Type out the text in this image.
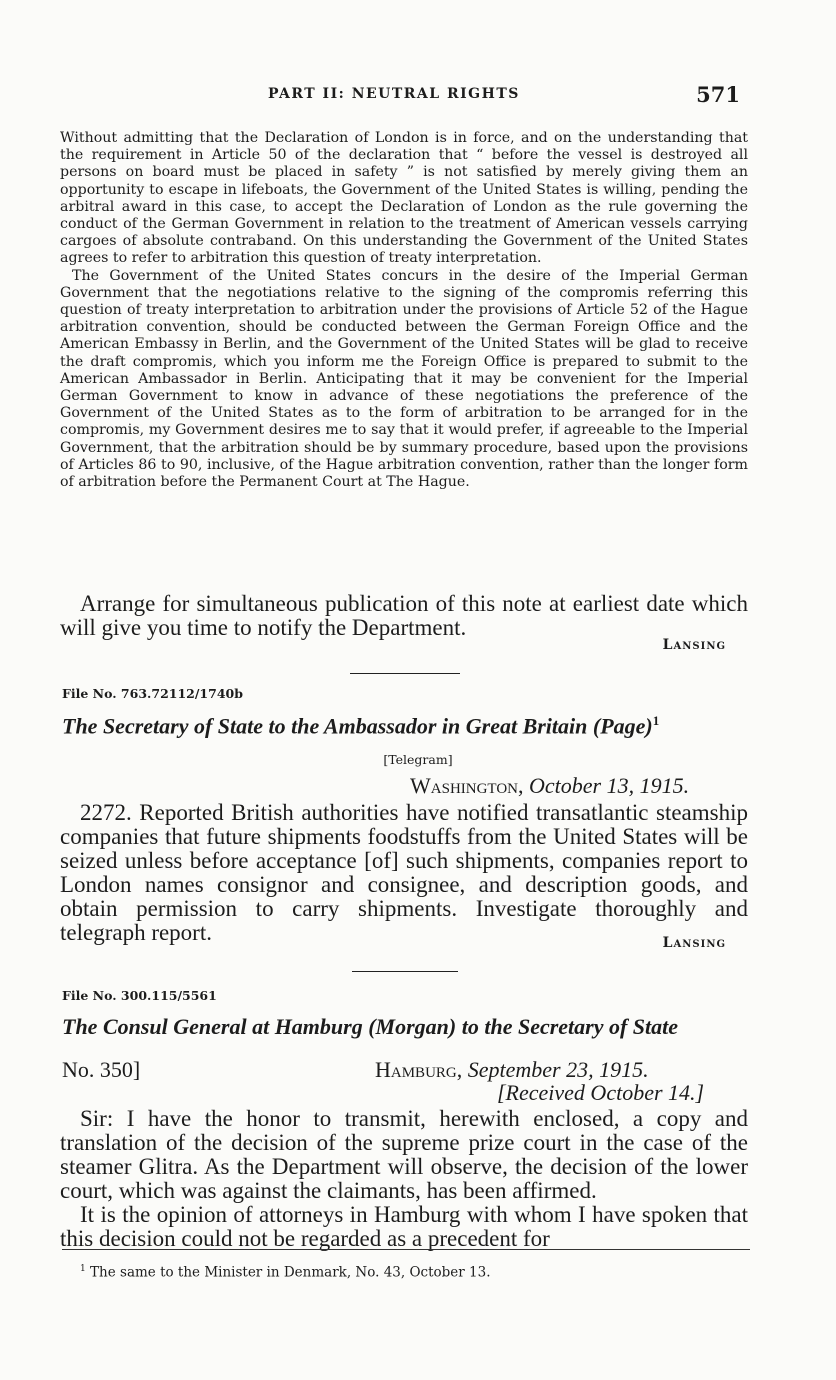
PART II: NEUTRAL RIGHTS	571

Without admitting that the Declaration of London is in force, and on the understanding that the requirement in Article 50 of the declaration that “ before the vessel is destroyed all persons on board must be placed in safety ” is not satisfied by merely giving them an opportunity to escape in lifeboats, the Government of the United States is willing, pending the arbitral award in this case, to accept the Declaration of London as the rule governing the conduct of the German Government in relation to the treatment of American vessels carrying cargoes of absolute contraband. On this understanding the Government of the United States agrees to refer to arbitration this question of treaty interpretation.

The Government of the United States concurs in the desire of the Imperial German Government that the negotiations relative to the signing of the compromis referring this question of treaty interpretation to arbitration under the provisions of Article 52 of the Hague arbitration convention, should be conducted between the German Foreign Office and the American Embassy in Berlin, and the Government of the United States will be glad to receive the draft compromis, which you inform me the Foreign Office is prepared to submit to the American Ambassador in Berlin. Anticipating that it may be convenient for the Imperial German Government to know in advance of these negotiations the preference of the Government of the United States as to the form of arbitration to be arranged for in the compromis, my Government desires me to say that it would prefer, if agreeable to the Imperial Government, that the arbitration should be by summary procedure, based upon the provisions of Articles 86 to 90, inclusive, of the Hague arbitration convention, rather than the longer form of arbitration before the Permanent Court at The Hague.

Arrange for simultaneous publication of this note at earliest date which will give you time to notify the Department.

Lansing
File No. 763.72112/1740b
The Secretary of State to the Ambassador in Great Britain (Page)$^1$
[Telegram]
Washington, October 13, 1915.

2272. Reported British authorities have notified transatlantic steamship companies that future shipments foodstuffs from the United States will be seized unless before acceptance [of] such shipments, companies report to London names consignor and consignee, and description goods, and obtain permission to carry shipments. Investigate thoroughly and telegraph report.	Lansing
File No. 300.115/5561
The Consul General at Hamburg (Morgan) to the Secretary of State
No. 350]	Hamburg, September 23, 1915.
[Received October 14.]

Sir: I have the honor to transmit, herewith enclosed, a copy and translation of the decision of the supreme prize court in the case of the steamer Glitra. As the Department will observe, the decision of the lower court, which was against the claimants, has been affirmed.

It is the opinion of attorneys in Hamburg with whom I have spoken that this decision could not be regarded as a precedent for

$^1$ The same to the Minister in Denmark, No. 43, October 13.
